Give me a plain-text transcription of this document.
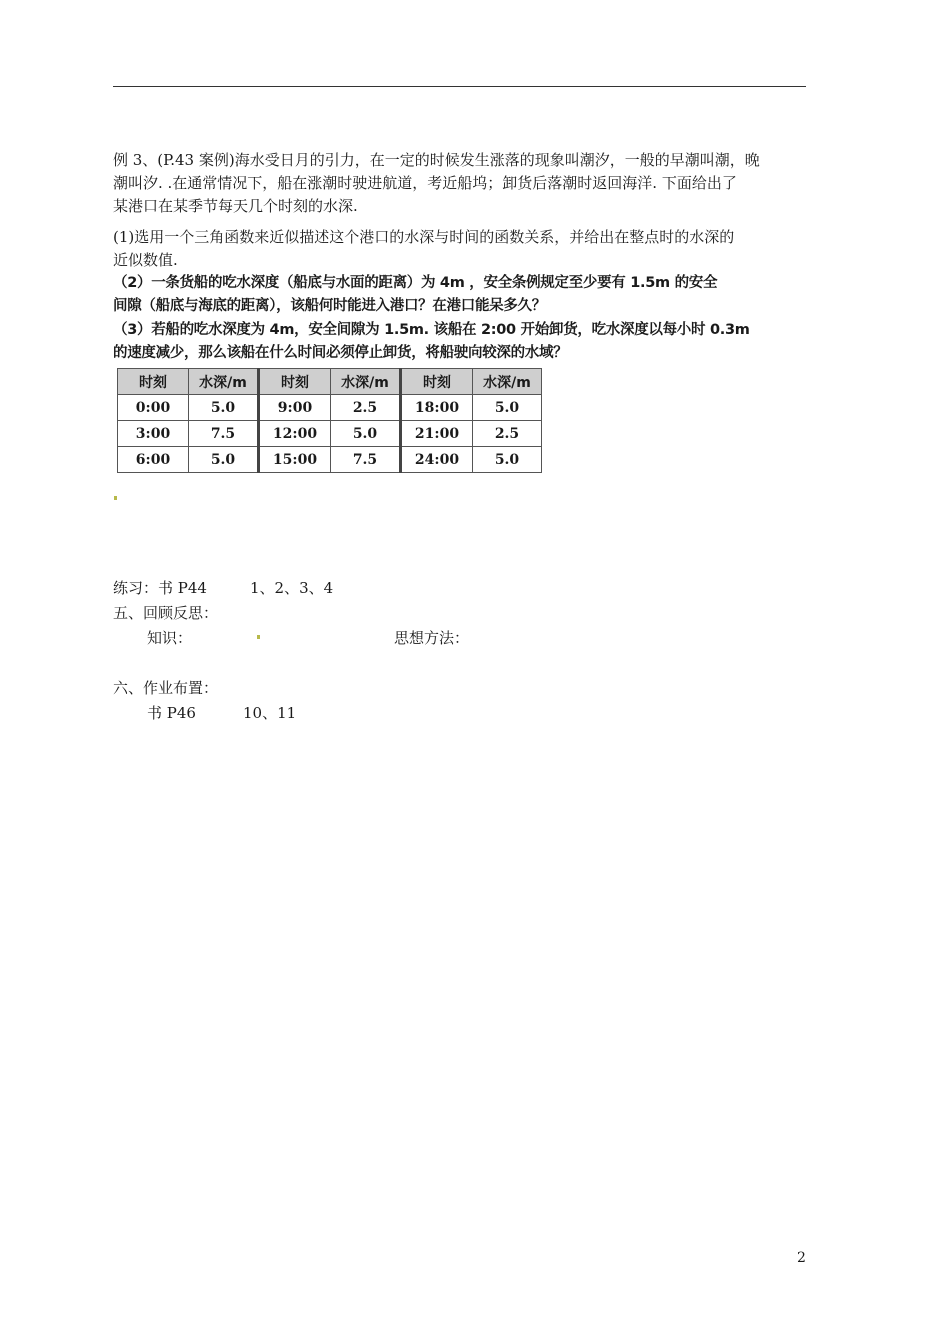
例 3、(P.43 案例)海水受日月的引力，在一定的时候发生涨落的现象叫潮汐，一般的早潮叫潮，晚
潮叫汐. .在通常情况下，船在涨潮时驶进航道，考近船坞；卸货后落潮时返回海洋. 下面给出了
某港口在某季节每天几个时刻的水深.
(1)选用一个三角函数来近似描述这个港口的水深与时间的函数关系，并给出在整点时的水深的
近似数值.
（2）一条货船的吃水深度（船底与水面的距离）为 4m ，安全条例规定至少要有 1.5m 的安全
间隙（船底与海底的距离），该船何时能进入港口？在港口能呆多久？
（3）若船的吃水深度为 4m，安全间隙为 1.5m. 该船在 2:00 开始卸货，吃水深度以每小时 0.3m
的速度减少，那么该船在什么时间必须停止卸货，将船驶向较深的水域？
时刻	水深/m	时刻	水深/m	时刻	水深/m
0:00	5.0	9:00	2.5	18:00	5.0
3:00	7.5	12:00	5.0	21:00	2.5
6:00	5.0	15:00	7.5	24:00	5.0
练习：书 P44	1、2、3、4
五、回顾反思：
知识：	思想方法：
六、作业布置：
书 P46	10、11
2
